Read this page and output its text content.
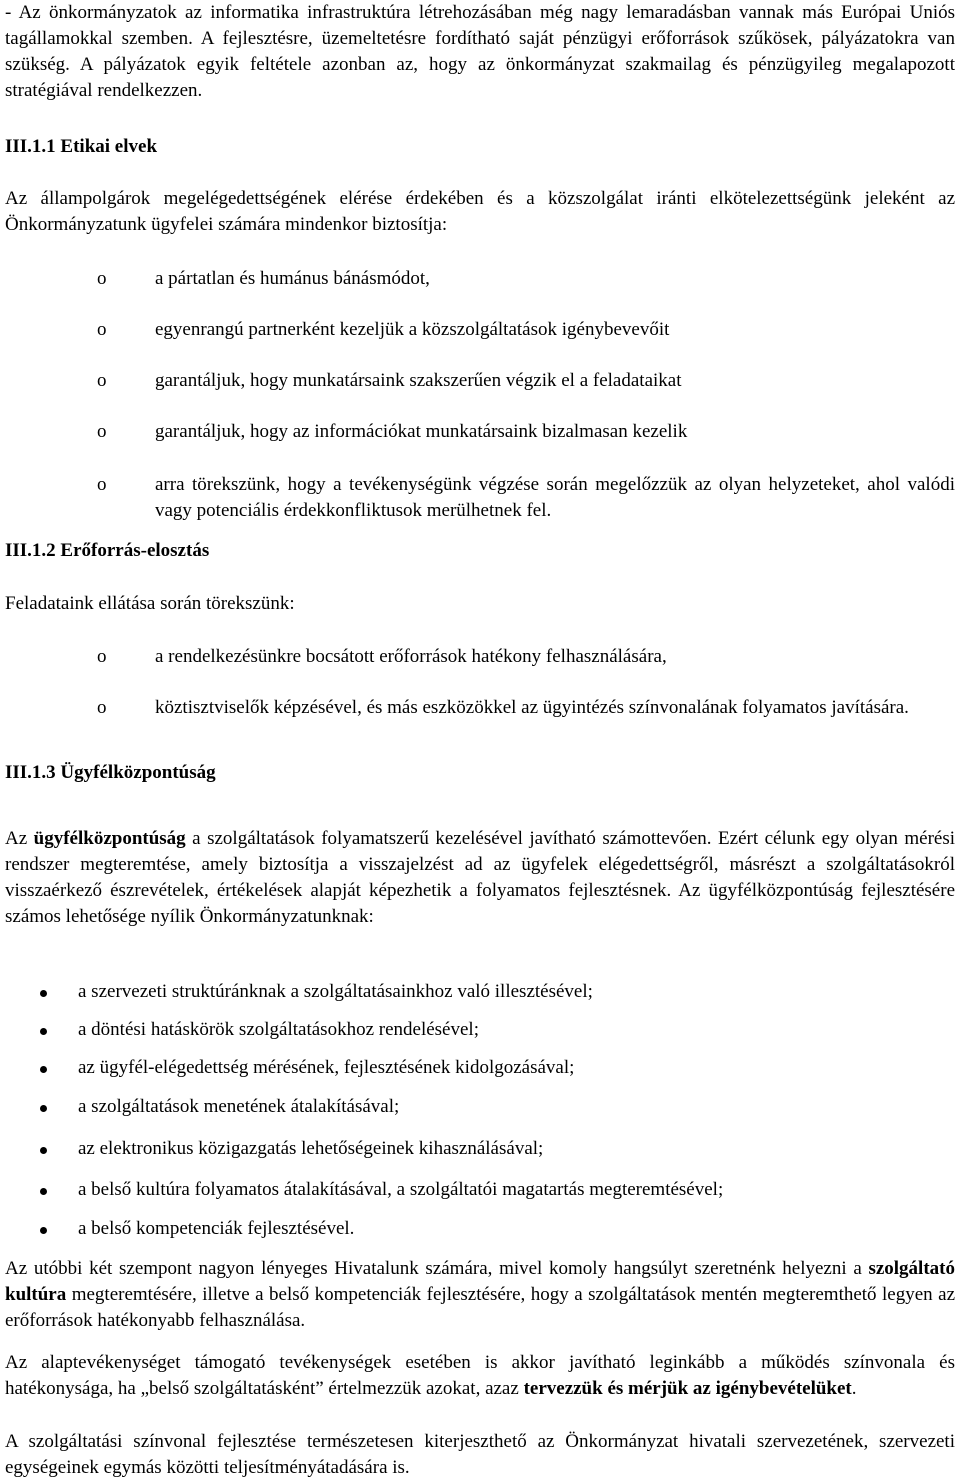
- Az önkormányzatok az informatika infrastruktúra létrehozásában még nagy lemaradásban vannak más Európai Uniós tagállamokkal szemben. A fejlesztésre, üzemeltetésre fordítható saját pénzügyi erőforrások szűkösek, pályázatokra van szükség. A pályázatok egyik feltétele azonban az, hogy az önkormányzat szakmailag és pénzügyileg megalapozott stratégiával rendelkezzen.

III.1.1 Etikai elvek

Az állampolgárok megelégedettségének elérése érdekében és a közszolgálat iránti elkötelezettségünk jeleként az Önkormányzatunk ügyfelei számára mindenkor biztosítja:

o	a pártatlan és humánus bánásmódot,
o	egyenrangú partnerként kezeljük a közszolgáltatások igénybevevőit
o	garantáljuk, hogy munkatársaink szakszerűen végzik el a feladataikat
o	garantáljuk, hogy az információkat munkatársaink bizalmasan kezelik
o	arra törekszünk, hogy a tevékenységünk végzése során megelőzzük az olyan helyzeteket, ahol valódi vagy potenciális érdekkonfliktusok merülhetnek fel.
III.1.2 Erőforrás-elosztás

Feladataink ellátása során törekszünk:

o	a rendelkezésünkre bocsátott erőforrások hatékony felhasználására,
o	köztisztviselők képzésével, és más eszközökkel az ügyintézés színvonalának folyamatos javítására.
III.1.3 Ügyfélközpontúság

Az ügyfélközpontúság a szolgáltatások folyamatszerű kezelésével javítható számottevően. Ezért célunk egy olyan mérési rendszer megteremtése, amely biztosítja a visszajelzést ad az ügyfelek elégedettségről, másrészt a szolgáltatásokról visszaérkező észrevételek, értékelések alapját képezhetik a folyamatos fejlesztésnek. Az ügyfélközpontúság fejlesztésére számos lehetősége nyílik Önkormányzatunknak:

a szervezeti struktúránknak a szolgáltatásainkhoz való illesztésével;
a döntési hatáskörök szolgáltatásokhoz rendelésével;
az ügyfél-elégedettség mérésének, fejlesztésének kidolgozásával;
a szolgáltatások menetének átalakításával;
az elektronikus közigazgatás lehetőségeinek kihasználásával;
a belső kultúra folyamatos átalakításával, a szolgáltatói magatartás megteremtésével;
a belső kompetenciák fejlesztésével.

Az utóbbi két szempont nagyon lényeges Hivatalunk számára, mivel komoly hangsúlyt szeretnénk helyezni a szolgáltató kultúra megteremtésére, illetve a belső kompetenciák fejlesztésére, hogy a szolgáltatások mentén megteremthető legyen az erőforrások hatékonyabb felhasználása.

Az alaptevékenységet támogató tevékenységek esetében is akkor javítható leginkább a működés színvonala és hatékonysága, ha „belső szolgáltatásként” értelmezzük azokat, azaz tervezzük és mérjük az igénybevételüket.

A szolgáltatási színvonal fejlesztése természetesen kiterjeszthető az Önkormányzat hivatali szervezetének, szervezeti egységeinek egymás közötti teljesítményátadására is.
